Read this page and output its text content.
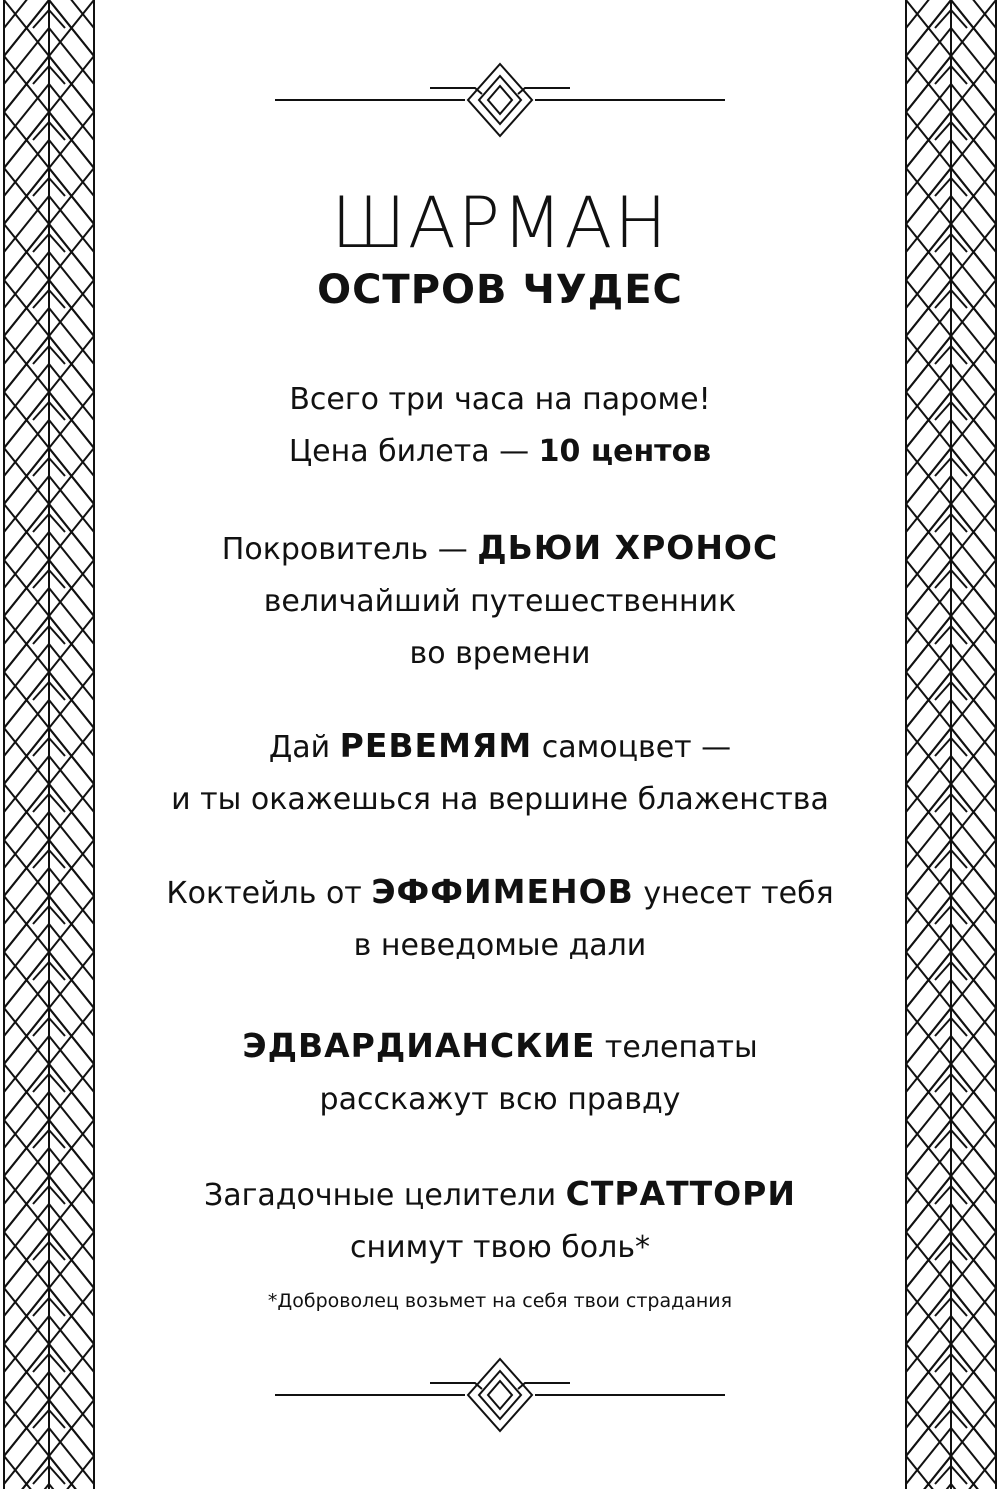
ШАРМАН
ОСТРОВ ЧУДЕС
Всего три часа на пароме!
Цена билета — 10 центов
Покровитель — ДЬЮИ ХРОНОС
величайший путешественник
во времени
Дай РЕВЕМЯМ самоцвет —
и ты окажешься на вершине блаженства
Коктейль от ЭФФИМЕНОВ унесет тебя
в неведомые дали
ЭДВАРДИАНСКИЕ телепаты
расскажут всю правду
Загадочные целители СТРАТТОРИ
снимут твою боль*
*Доброволец возьмет на себя твои страдания
